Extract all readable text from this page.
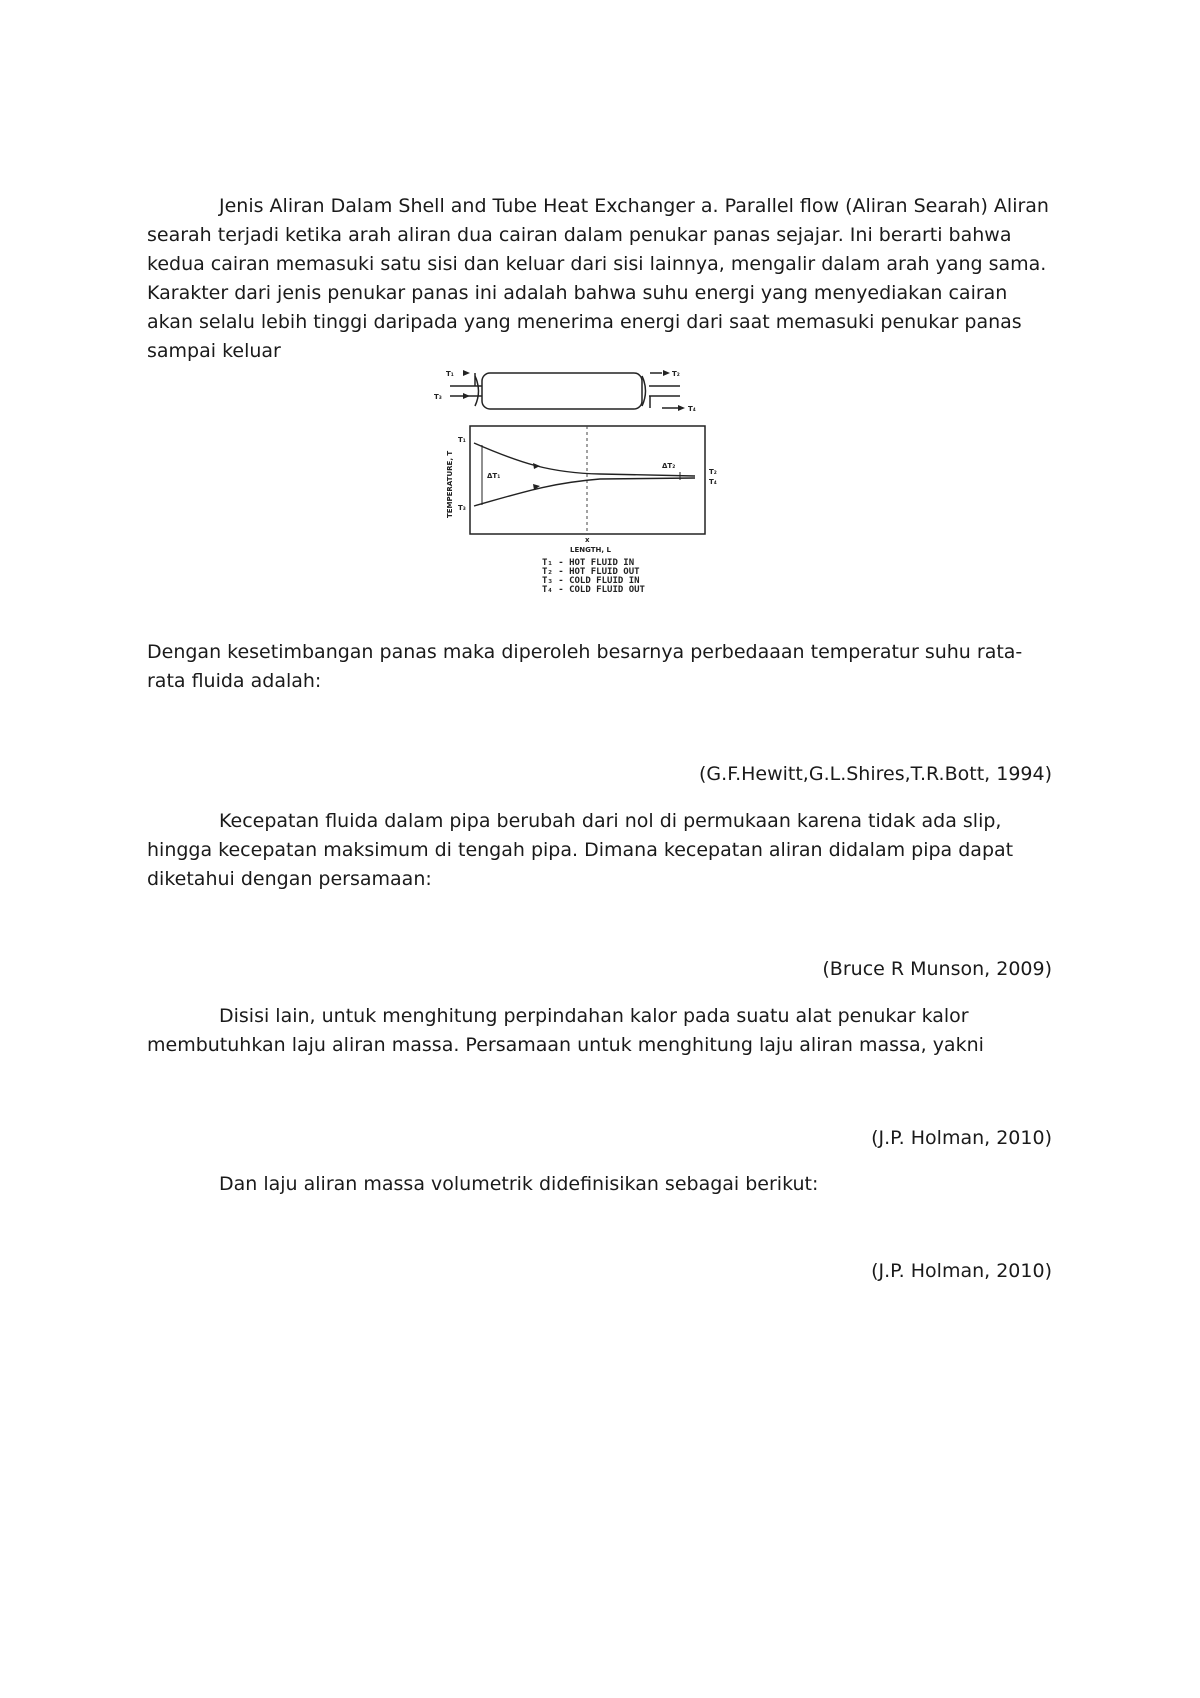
Jenis Aliran Dalam Shell and Tube Heat Exchanger a. Parallel flow (Aliran Searah) Aliran searah terjadi ketika arah aliran dua cairan dalam penukar panas sejajar. Ini berarti bahwa kedua cairan memasuki satu sisi dan keluar dari sisi lainnya, mengalir dalam arah yang sama. Karakter dari jenis penukar panas ini adalah bahwa suhu energi yang menyediakan cairan akan selalu lebih tinggi daripada yang menerima energi dari saat memasuki penukar panas sampai keluar

T₁
T₃
T₂
T₄
ΔT₁
ΔT₂
T₁
T₃
T₂
T₄
x
LENGTH, L
TEMPERATURE, T
T₁ - HOT FLUID IN
T₂ - HOT FLUID OUT
T₃ - COLD FLUID IN
T₄ - COLD FLUID OUT

Dengan kesetimbangan panas maka diperoleh besarnya perbedaaan temperatur suhu rata-rata fluida adalah:

(G.F.Hewitt,G.L.Shires,T.R.Bott, 1994)

Kecepatan fluida dalam pipa berubah dari nol di permukaan karena tidak ada slip, hingga kecepatan maksimum di tengah pipa. Dimana kecepatan aliran didalam pipa dapat diketahui dengan persamaan:

(Bruce R Munson, 2009)

Disisi lain, untuk menghitung perpindahan kalor pada suatu alat penukar kalor membutuhkan laju aliran massa. Persamaan untuk menghitung laju aliran massa, yakni

(J.P. Holman, 2010)

Dan laju aliran massa volumetrik didefinisikan sebagai berikut:

(J.P. Holman, 2010)
